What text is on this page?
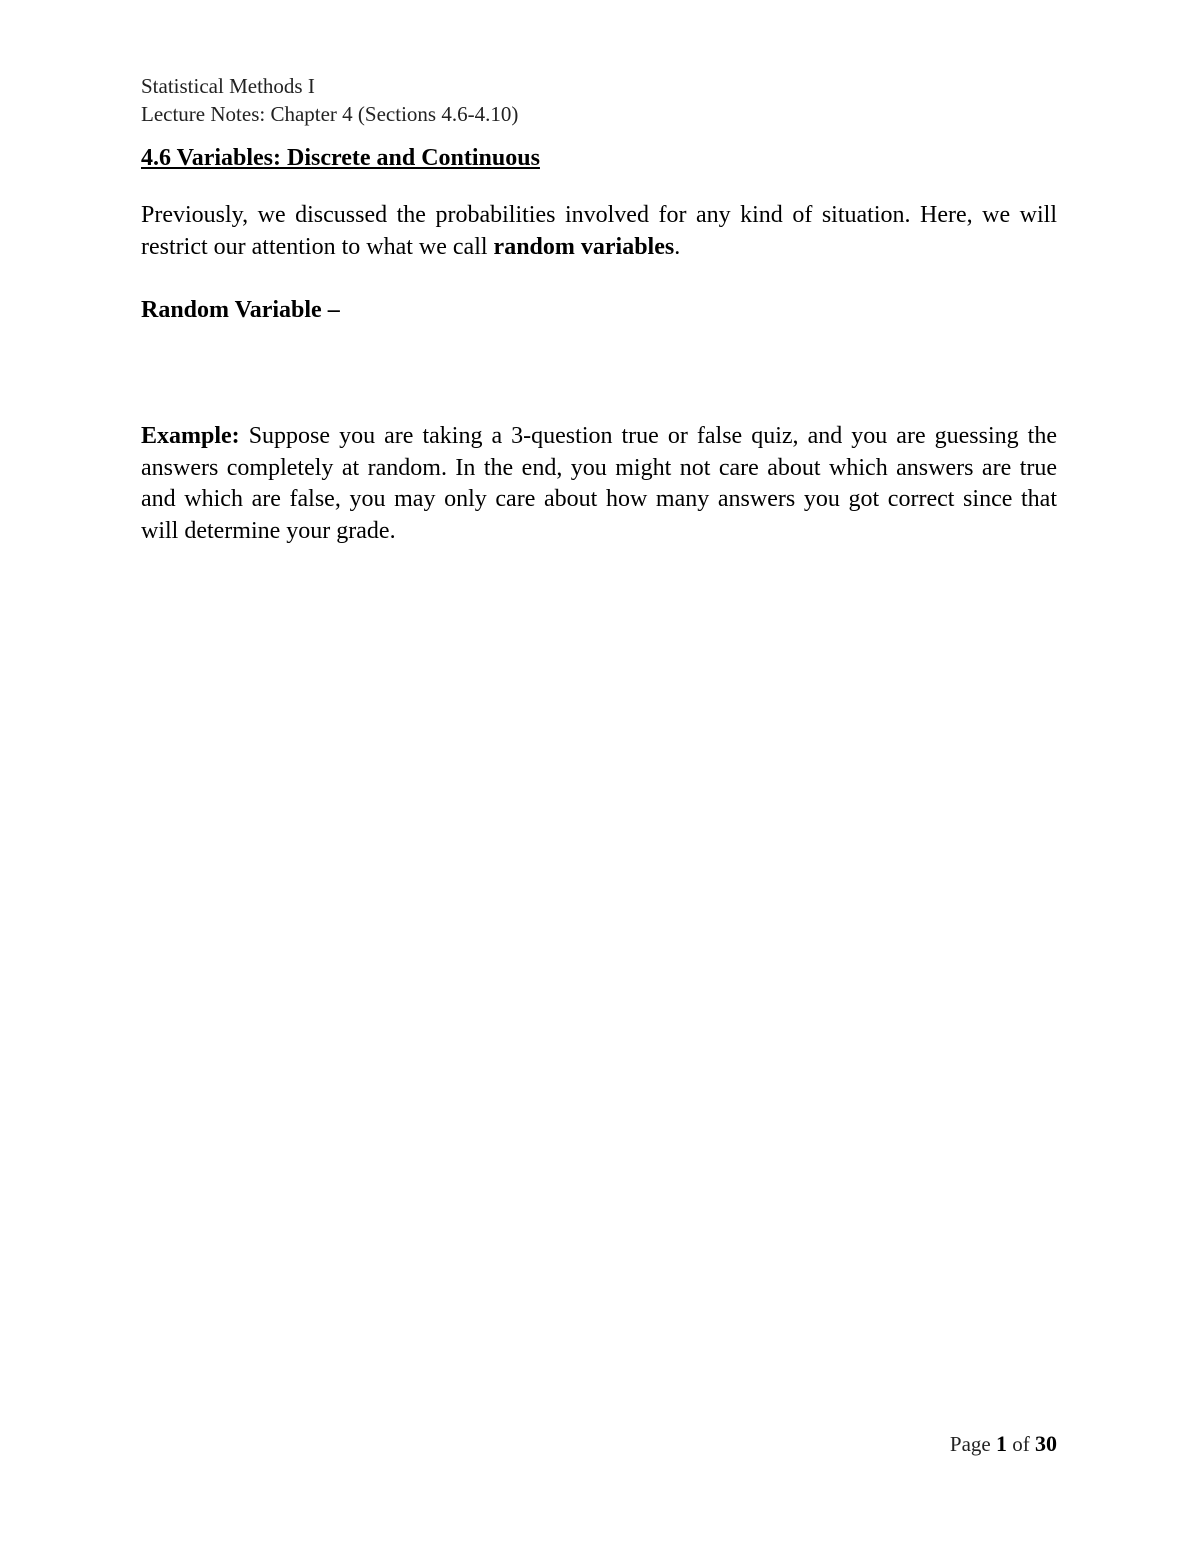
Statistical Methods I
Lecture Notes: Chapter 4 (Sections 4.6-4.10)
4.6 Variables: Discrete and Continuous

Previously, we discussed the probabilities involved for any kind of situation. Here, we will restrict our attention to what we call random variables.

Random Variable –

Example: Suppose you are taking a 3-question true or false quiz, and you are guessing the answers completely at random. In the end, you might not care about which answers are true and which are false, you may only care about how many answers you got correct since that will determine your grade.

Page 1 of 30
